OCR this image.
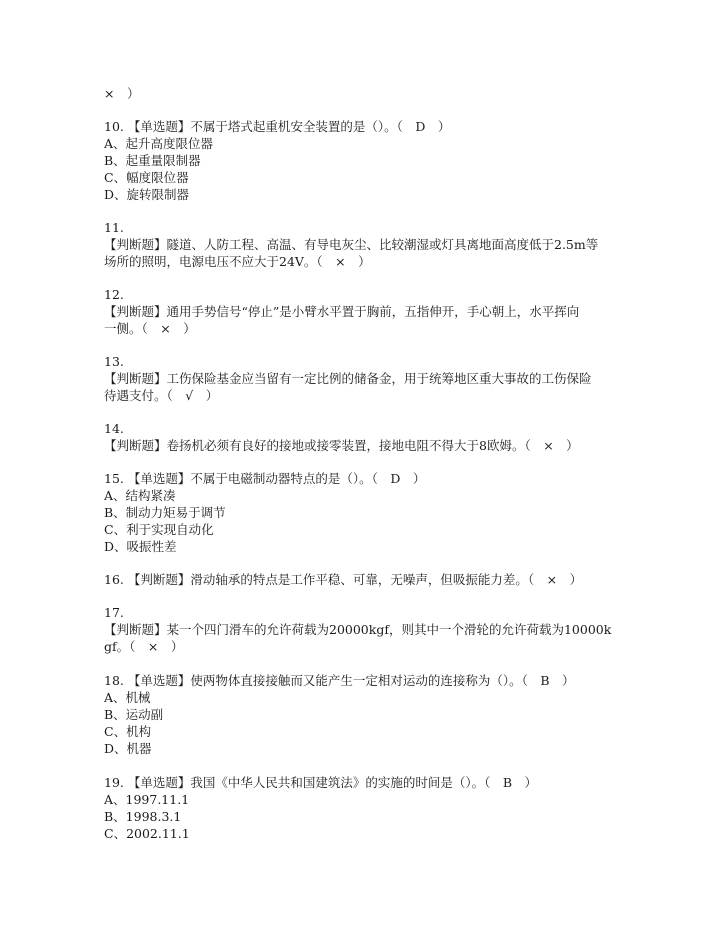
×　）
10. 【单选题】不属于塔式起重机安全装置的是（）。（　D　）
A、起升高度限位器
B、起重量限制器
C、幅度限位器
D、旋转限制器
11.
【判断题】隧道、人防工程、高温、有导电灰尘、比较潮湿或灯具离地面高度低于2.5m等
场所的照明，电源电压不应大于24V。（　×　）
12.
【判断题】通用手势信号“停止”是小臂水平置于胸前，五指伸开，手心朝上，水平挥向
一侧。（　×　）
13.
【判断题】工伤保险基金应当留有一定比例的储备金，用于统筹地区重大事故的工伤保险
待遇支付。（　√　）
14.
【判断题】卷扬机必须有良好的接地或接零装置，接地电阻不得大于8欧姆。（　×　）
15. 【单选题】不属于电磁制动器特点的是（）。（　D　）
A、结构紧凑
B、制动力矩易于调节
C、利于实现自动化
D、吸振性差
16. 【判断题】滑动轴承的特点是工作平稳、可靠，无噪声，但吸振能力差。（　×　）
17.
【判断题】某一个四门滑车的允许荷载为20000kgf，则其中一个滑轮的允许荷载为10000k
gf。（　×　）
18. 【单选题】使两物体直接接触而又能产生一定相对运动的连接称为（）。（　B　）
A、机械
B、运动副
C、机构
D、机器
19. 【单选题】我国《中华人民共和国建筑法》的实施的时间是（）。（　B　）
A、1997.11.1
B、1998.3.1
C、2002.11.1
